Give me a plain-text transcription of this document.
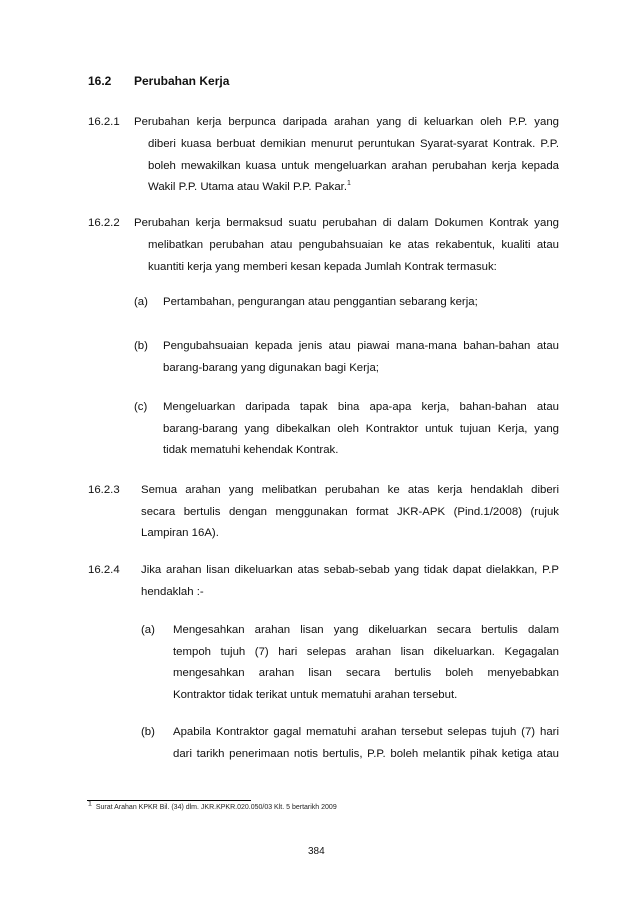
16.2 Perubahan Kerja
16.2.1 Perubahan kerja berpunca daripada arahan yang di keluarkan oleh P.P. yang
diberi kuasa berbuat demikian menurut peruntukan Syarat-syarat Kontrak. P.P.
boleh mewakilkan kuasa untuk mengeluarkan arahan perubahan kerja kepada
Wakil P.P. Utama atau Wakil P.P. Pakar.$^1$
16.2.2 Perubahan kerja bermaksud suatu perubahan di dalam Dokumen Kontrak yang
melibatkan perubahan atau pengubahsuaian ke atas rekabentuk, kualiti atau
kuantiti kerja yang memberi kesan kepada Jumlah Kontrak termasuk:
(a) Pertambahan, pengurangan atau penggantian sebarang kerja;
(b) Pengubahsuaian kepada jenis atau piawai mana-mana bahan-bahan atau
barang-barang yang digunakan bagi Kerja;
(c) Mengeluarkan daripada tapak bina apa-apa kerja, bahan-bahan atau
barang-barang yang dibekalkan oleh Kontraktor untuk tujuan Kerja, yang
tidak mematuhi kehendak Kontrak.
16.2.3 Semua arahan yang melibatkan perubahan ke atas kerja hendaklah diberi
secara bertulis dengan menggunakan format JKR-APK (Pind.1/2008) (rujuk
Lampiran 16A).
16.2.4 Jika arahan lisan dikeluarkan atas sebab-sebab yang tidak dapat dielakkan, P.P
hendaklah :-
(a) Mengesahkan arahan lisan yang dikeluarkan secara bertulis dalam
tempoh tujuh (7) hari selepas arahan lisan dikeluarkan. Kegagalan
mengesahkan arahan lisan secara bertulis boleh menyebabkan
Kontraktor tidak terikat untuk mematuhi arahan tersebut.
(b) Apabila Kontraktor gagal mematuhi arahan tersebut selepas tujuh (7) hari
dari tarikh penerimaan notis bertulis, P.P. boleh melantik pihak ketiga atau
$^1$ Surat Arahan KPKR Bil. (34) dlm. JKR.KPKR.020.050/03 Klt. 5 bertarikh 2009
384
